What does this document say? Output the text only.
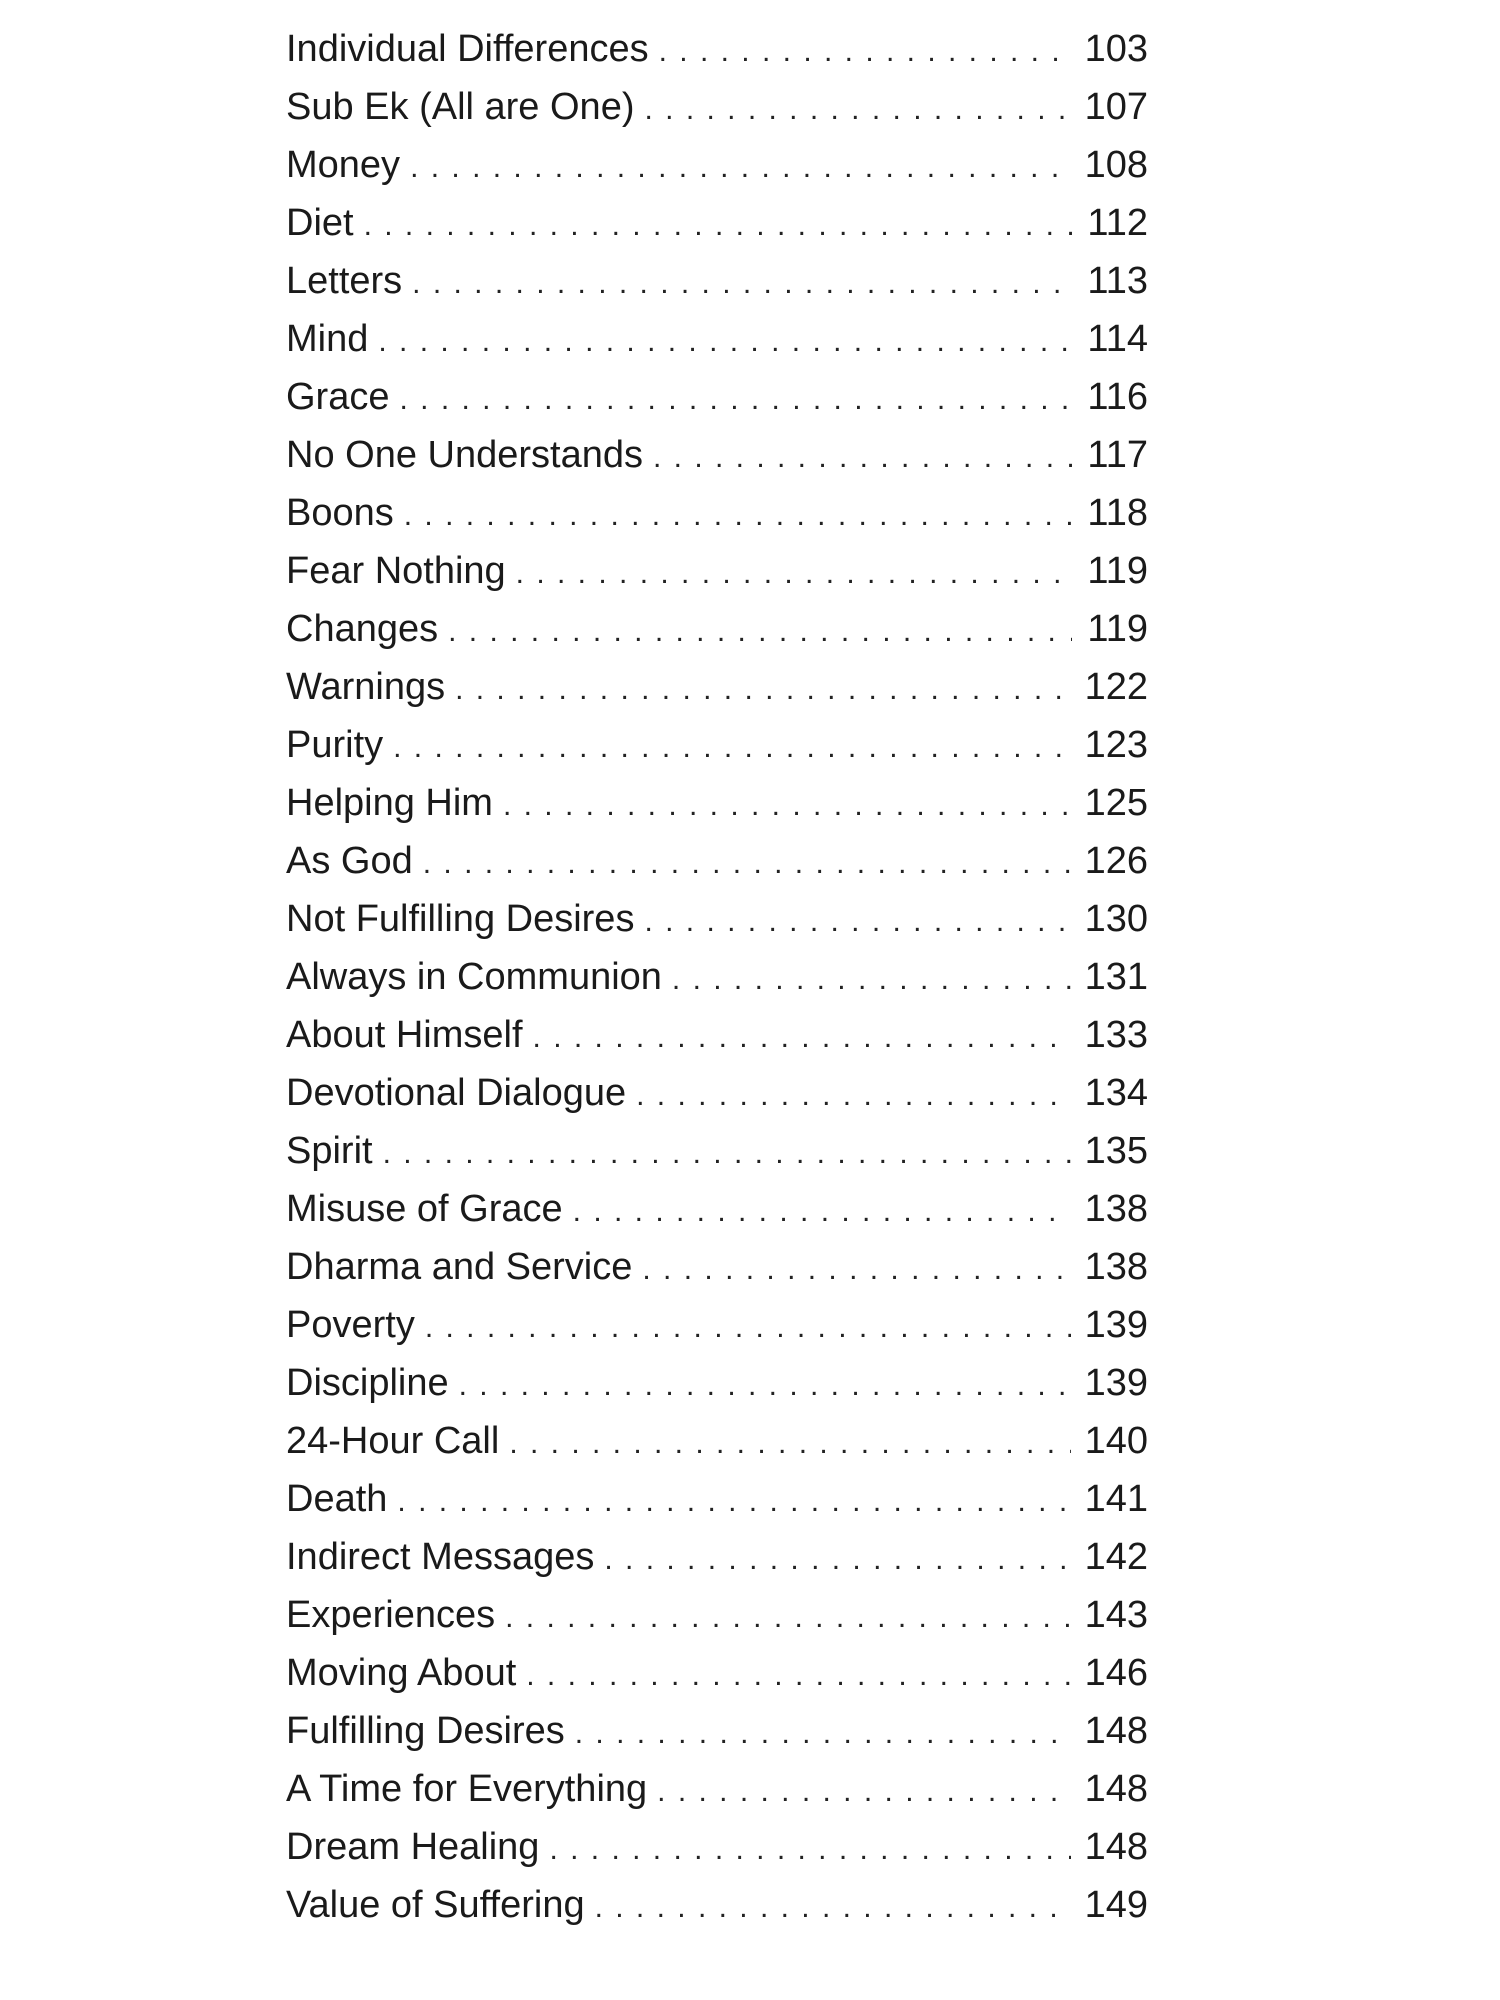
Individual Differences . . .	103
Sub Ek (All are One) . . .	107
Money . . .	108
Diet . . .	112
Letters . . .	113
Mind . . .	114
Grace . . .	116
No One Understands . . .	117
Boons . . .	118
Fear Nothing . . .	119
Changes . . .	119
Warnings . . .	122
Purity . . .	123
Helping Him . . .	125
As God . . .	126
Not Fulfilling Desires . . .	130
Always in Communion . . .	131
About Himself . . .	133
Devotional Dialogue . . .	134
Spirit . . .	135
Misuse of Grace . . .	138
Dharma and Service . . .	138
Poverty . . .	139
Discipline . . .	139
24-Hour Call . . .	140
Death . . .	141
Indirect Messages . . .	142
Experiences . . .	143
Moving About . . .	146
Fulfilling Desires . . .	148
A Time for Everything . . .	148
Dream Healing . . .	148
Value of Suffering . . .	149
